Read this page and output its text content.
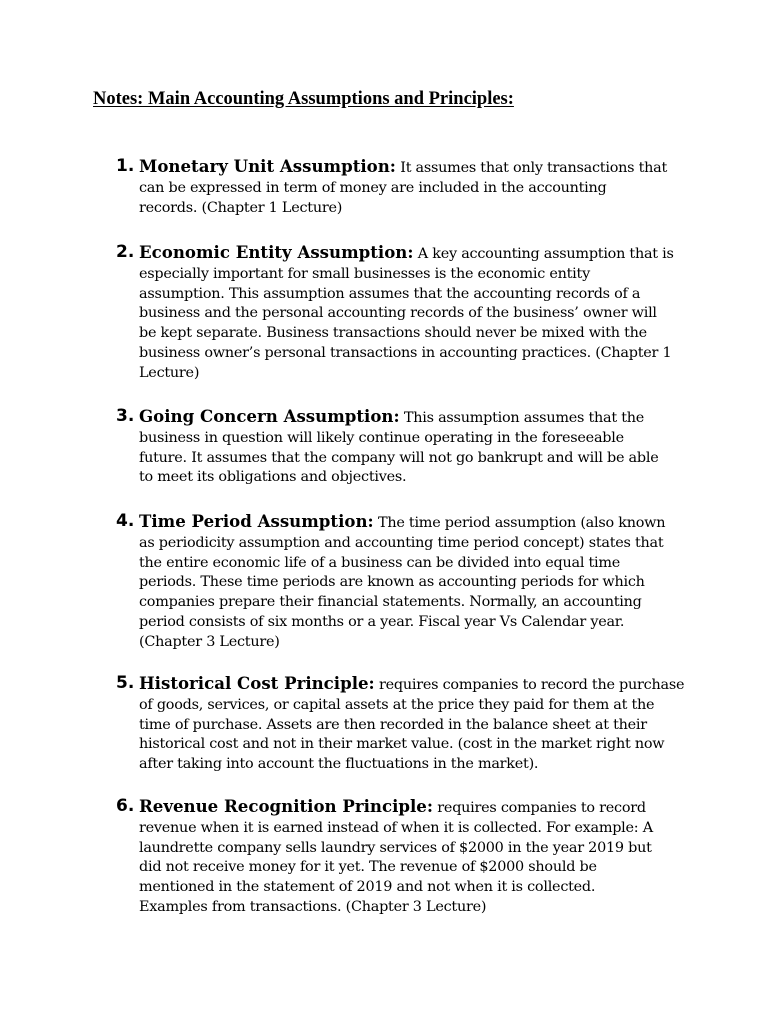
Notes: Main Accounting Assumptions and Principles:
1. Monetary Unit Assumption: It assumes that only transactions that
can be expressed in term of money are included in the accounting
records. (Chapter 1 Lecture)

2. Economic Entity Assumption: A key accounting assumption that is
especially important for small businesses is the economic entity
assumption. This assumption assumes that the accounting records of a
business and the personal accounting records of the business’ owner will
be kept separate. Business transactions should never be mixed with the
business owner’s personal transactions in accounting practices. (Chapter 1
Lecture)

3. Going Concern Assumption: This assumption assumes that the
business in question will likely continue operating in the foreseeable
future. It assumes that the company will not go bankrupt and will be able
to meet its obligations and objectives.

4. Time Period Assumption: The time period assumption (also known
as periodicity assumption and accounting time period concept) states that
the entire economic life of a business can be divided into equal time
periods. These time periods are known as accounting periods for which
companies prepare their financial statements. Normally, an accounting
period consists of six months or a year. Fiscal year Vs Calendar year.
(Chapter 3 Lecture)

5. Historical Cost Principle: requires companies to record the purchase
of goods, services, or capital assets at the price they paid for them at the
time of purchase. Assets are then recorded in the balance sheet at their
historical cost and not in their market value. (cost in the market right now
after taking into account the fluctuations in the market).

6. Revenue Recognition Principle: requires companies to record
revenue when it is earned instead of when it is collected. For example: A
laundrette company sells laundry services of $2000 in the year 2019 but
did not receive money for it yet. The revenue of $2000 should be
mentioned in the statement of 2019 and not when it is collected.
Examples from transactions. (Chapter 3 Lecture)
